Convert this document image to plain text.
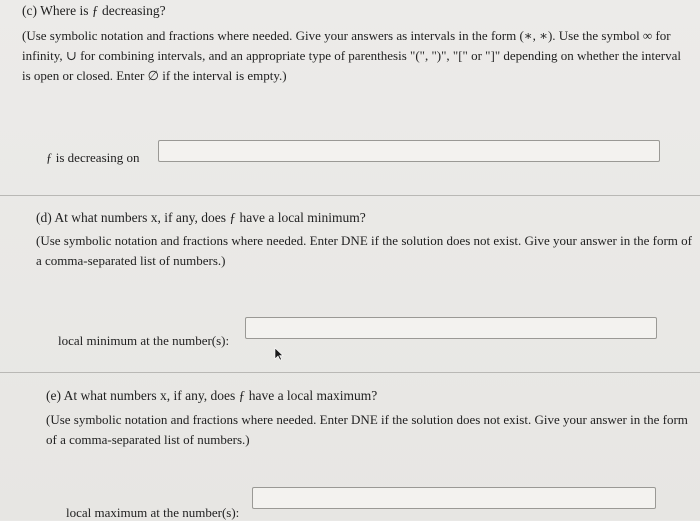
(c) Where is ƒ decreasing?
(Use symbolic notation and fractions where needed. Give your answers as intervals in the form (∗, ∗). Use the symbol ∞ for infinity, ∪ for combining intervals, and an appropriate type of parenthesis "(", ")", "[" or "]" depending on whether the interval is open or closed. Enter ∅ if the interval is empty.)
ƒ is decreasing on
(d) At what numbers x, if any, does ƒ have a local minimum?
(Use symbolic notation and fractions where needed. Enter DNE if the solution does not exist. Give your answer in the form of a comma-separated list of numbers.)
local minimum at the number(s):
(e) At what numbers x, if any, does ƒ have a local maximum?
(Use symbolic notation and fractions where needed. Enter DNE if the solution does not exist. Give your answer in the form of a comma-separated list of numbers.)
local maximum at the number(s):
